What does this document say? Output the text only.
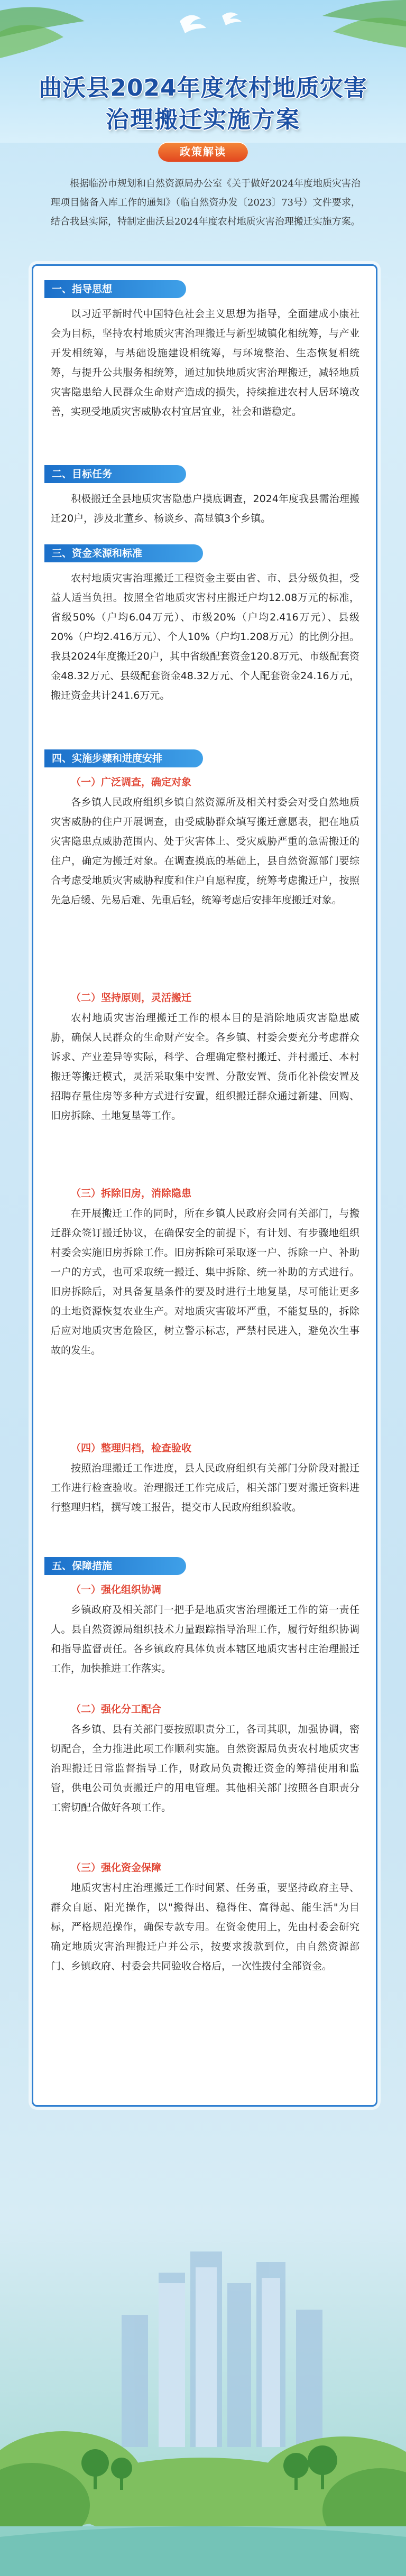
曲沃县2024年度农村地质灾害
治理搬迁实施方案
政策解读
根据临汾市规划和自然资源局办公室《关于做好2024年度地质灾害治理项目储备入库工作的通知》（临自然资办发〔2023〕73号）文件要求，结合我县实际，特制定曲沃县2024年度农村地质灾害治理搬迁实施方案。
一、指导思想
以习近平新时代中国特色社会主义思想为指导，全面建成小康社会为目标，坚持农村地质灾害治理搬迁与新型城镇化相统筹，与产业开发相统筹，与基础设施建设相统筹，与环境整治、生态恢复相统筹，与提升公共服务相统筹，通过加快地质灾害治理搬迁，减轻地质灾害隐患给人民群众生命财产造成的损失，持续推进农村人居环境改善，实现受地质灾害威胁农村宜居宜业，社会和谐稳定。
二、目标任务
积极搬迁全县地质灾害隐患户摸底调查，2024年度我县需治理搬迁20户，涉及北董乡、杨谈乡、高显镇3个乡镇。
三、资金来源和标准
农村地质灾害治理搬迁工程资金主要由省、市、县分级负担，受益人适当负担。按照全省地质灾害村庄搬迁户均12.08万元的标准，省级50%（户均6.04万元）、市级20%（户均2.416万元）、县级20%（户均2.416万元）、个人10%（户均1.208万元）的比例分担。我县2024年度搬迁20户，其中省级配套资金120.8万元、市级配套资金48.32万元、县级配套资金48.32万元、个人配套资金24.16万元，搬迁资金共计241.6万元。
四、实施步骤和进度安排
（一）广泛调查，确定对象
各乡镇人民政府组织乡镇自然资源所及相关村委会对受自然地质灾害威胁的住户开展调查，由受威胁群众填写搬迁意愿表，把在地质灾害隐患点威胁范围内、处于灾害体上、受灾威胁严重的急需搬迁的住户，确定为搬迁对象。在调查摸底的基础上，县自然资源部门要综合考虑受地质灾害威胁程度和住户自愿程度，统筹考虑搬迁户，按照先急后缓、先易后难、先重后轻，统筹考虑后安排年度搬迁对象。
（二）坚持原则，灵活搬迁
农村地质灾害治理搬迁工作的根本目的是消除地质灾害隐患威胁，确保人民群众的生命财产安全。各乡镇、村委会要充分考虑群众诉求、产业差异等实际，科学、合理确定整村搬迁、并村搬迁、本村搬迁等搬迁模式，灵活采取集中安置、分散安置、货币化补偿安置及招聘存量住房等多种方式进行安置，组织搬迁群众通过新建、回购、旧房拆除、土地复垦等工作。
（三）拆除旧房，消除隐患
在开展搬迁工作的同时，所在乡镇人民政府会同有关部门，与搬迁群众签订搬迁协议，在确保安全的前提下，有计划、有步骤地组织村委会实施旧房拆除工作。旧房拆除可采取逐一户、拆除一户、补助一户的方式，也可采取统一搬迁、集中拆除、统一补助的方式进行。旧房拆除后，对具备复垦条件的要及时进行土地复垦，尽可能让更多的土地资源恢复农业生产。对地质灾害破坏严重，不能复垦的，拆除后应对地质灾害危险区，树立警示标志，严禁村民进入，避免次生事故的发生。
（四）整理归档，检查验收
按照治理搬迁工作进度，县人民政府组织有关部门分阶段对搬迁工作进行检查验收。治理搬迁工作完成后，相关部门要对搬迁资料进行整理归档，撰写竣工报告，提交市人民政府组织验收。
五、保障措施
（一）强化组织协调
乡镇政府及相关部门一把手是地质灾害治理搬迁工作的第一责任人。县自然资源局组织技术力量跟踪指导治理工作，履行好组织协调和指导监督责任。各乡镇政府具体负责本辖区地质灾害村庄治理搬迁工作，加快推进工作落实。
（二）强化分工配合
各乡镇、县有关部门要按照职责分工，各司其职，加强协调，密切配合，全力推进此项工作顺利实施。自然资源局负责农村地质灾害治理搬迁日常监督指导工作，财政局负责搬迁资金的筹措使用和监管，供电公司负责搬迁户的用电管理。其他相关部门按照各自职责分工密切配合做好各项工作。
（三）强化资金保障
地质灾害村庄治理搬迁工作时间紧、任务重，要坚持政府主导、群众自愿、阳光操作，以"搬得出、稳得住、富得起、能生活"为目标，严格规范操作，确保专款专用。在资金使用上，先由村委会研究确定地质灾害治理搬迁户并公示，按要求拨款到位，由自然资源部门、乡镇政府、村委会共同验收合格后，一次性拨付全部资金。
